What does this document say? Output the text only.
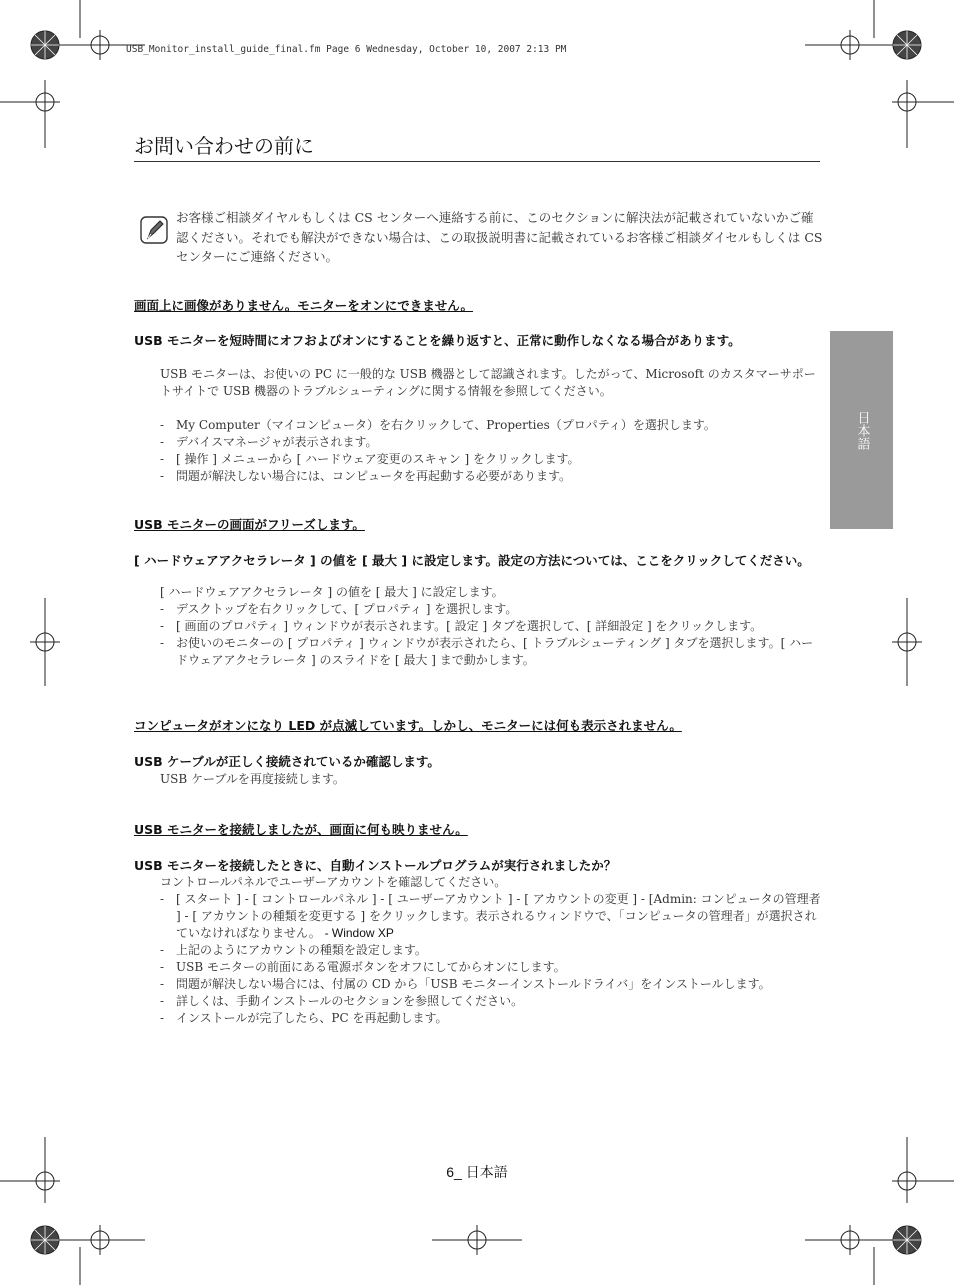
USB_Monitor_install_guide_final.fm Page 6 Wednesday, October 10, 2007 2:13 PM
お問い合わせの前に
日本語
お客様ご相談ダイヤルもしくは CS センターへ連絡する前に、このセクションに解決法が記載されていないかご確認ください。それでも解決ができない場合は、この取扱説明書に記載されているお客様ご相談ダイセルもしくは CS センターにご連絡ください。
画面上に画像がありません。モニターをオンにできません。
USB モニターを短時間にオフおよびオンにすることを繰り返すと、正常に動作しなくなる場合があります。
USB モニターは、お使いの PC に一般的な USB 機器として認識されます。したがって、Microsoft のカスタマーサポートサイトで USB 機器のトラブルシューティングに関する情報を参照してください。
- My Computer（マイコンピュータ）を右クリックして、Properties（プロパティ）を選択します。
- デバイスマネージャが表示されます。
- [ 操作 ] メニューから [ ハードウェア変更のスキャン ] をクリックします。
- 問題が解決しない場合には、コンピュータを再起動する必要があります。
USB モニターの画面がフリーズします。
[ ハードウェアアクセラレータ ] の値を [ 最大 ] に設定します。設定の方法については、ここをクリックしてください。
[ ハードウェアアクセラレータ ] の値を [ 最大 ] に設定します。
- デスクトップを右クリックして、[ プロパティ ] を選択します。
- [ 画面のプロパティ ] ウィンドウが表示されます。[ 設定 ] タブを選択して、[ 詳細設定 ] をクリックします。
- お使いのモニターの [ プロパティ ] ウィンドウが表示されたら、[ トラブルシューティング ] タブを選択します。[ ハードウェアアクセラレータ ] のスライドを [ 最大 ] まで動かします。
コンピュータがオンになり LED が点滅しています。しかし、モニターには何も表示されません。
USB ケーブルが正しく接続されているか確認します。
USB ケーブルを再度接続します。
USB モニターを接続しましたが、画面に何も映りません。
USB モニターを接続したときに、自動インストールプログラムが実行されましたか？
コントロールパネルでユーザーアカウントを確認してください。
- [ スタート ] - [ コントロールパネル ] - [ ユーザーアカウント ] - [ アカウントの変更 ] - [Admin: コンピュータの管理者 ] - [ アカウントの種類を変更する ] をクリックします。表示されるウィンドウで、「コンピュータの管理者」が選択されていなければなりません。 - Window XP
- 上記のようにアカウントの種類を設定します。
- USB モニターの前面にある電源ボタンをオフにしてからオンにします。
- 問題が解決しない場合には、付属の CD から「USB モニターインストールドライバ」をインストールします。
- 詳しくは、手動インストールのセクションを参照してください。
- インストールが完了したら、PC を再起動します。
6_ 日本語
